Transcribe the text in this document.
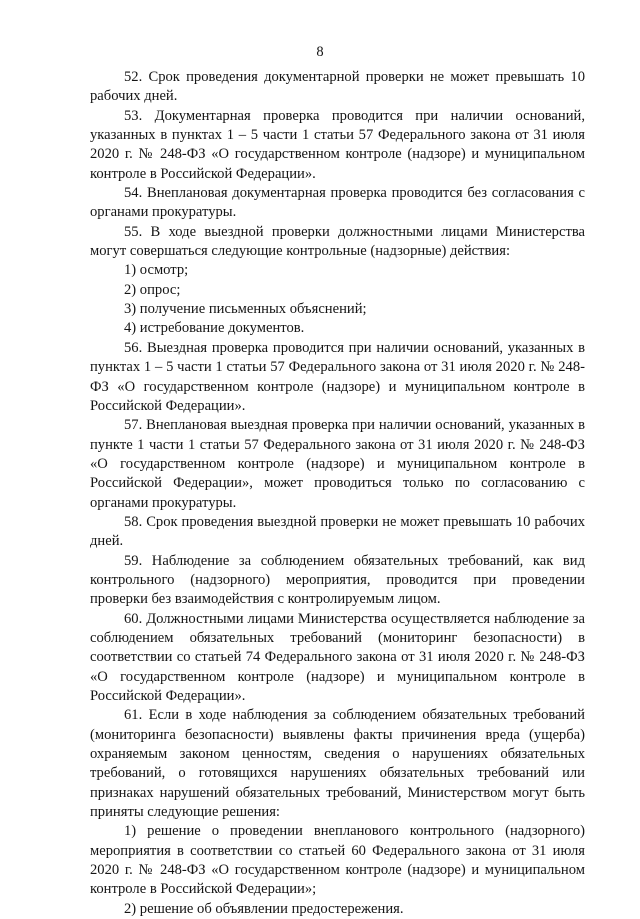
8

52. Срок проведения документарной проверки не может превышать 10 рабочих дней.

53. Документарная проверка проводится при наличии оснований, указанных в пунктах 1 – 5 части 1 статьи 57 Федерального закона от 31 июля 2020 г. № 248-ФЗ «О государственном контроле (надзоре) и муниципальном контроле в Российской Федерации».

54. Внеплановая документарная проверка проводится без согласования с органами прокуратуры.

55. В ходе выездной проверки должностными лицами Министерства могут совершаться следующие контрольные (надзорные) действия:

1) осмотр;

2) опрос;

3) получение письменных объяснений;

4) истребование документов.

56. Выездная проверка проводится при наличии оснований, указанных в пунктах 1 – 5 части 1 статьи 57 Федерального закона от 31 июля 2020 г. № 248-ФЗ «О государственном контроле (надзоре) и муниципальном контроле в Российской Федерации».

57. Внеплановая выездная проверка при наличии оснований, указанных в пункте 1 части 1 статьи 57 Федерального закона от 31 июля 2020 г. № 248-ФЗ «О государственном контроле (надзоре) и муниципальном контроле в Российской Федерации», может проводиться только по согласованию с органами прокуратуры.

58. Срок проведения выездной проверки не может превышать 10 рабочих дней.

59. Наблюдение за соблюдением обязательных требований, как вид контрольного (надзорного) мероприятия, проводится при проведении проверки без взаимодействия с контролируемым лицом.

60. Должностными лицами Министерства осуществляется наблюдение за соблюдением обязательных требований (мониторинг безопасности) в соответствии со статьей 74 Федерального закона от 31 июля 2020 г. № 248-ФЗ «О государственном контроле (надзоре) и муниципальном контроле в Российской Федерации».

61. Если в ходе наблюдения за соблюдением обязательных требований (мониторинга безопасности) выявлены факты причинения вреда (ущерба) охраняемым законом ценностям, сведения о нарушениях обязательных требований, о готовящихся нарушениях обязательных требований или признаках нарушений обязательных требований, Министерством могут быть приняты следующие решения:

1) решение о проведении внепланового контрольного (надзорного) мероприятия в соответствии со статьей 60 Федерального закона от 31 июля 2020 г. № 248-ФЗ «О государственном контроле (надзоре) и муниципальном контроле в Российской Федерации»;

2) решение об объявлении предостережения.
